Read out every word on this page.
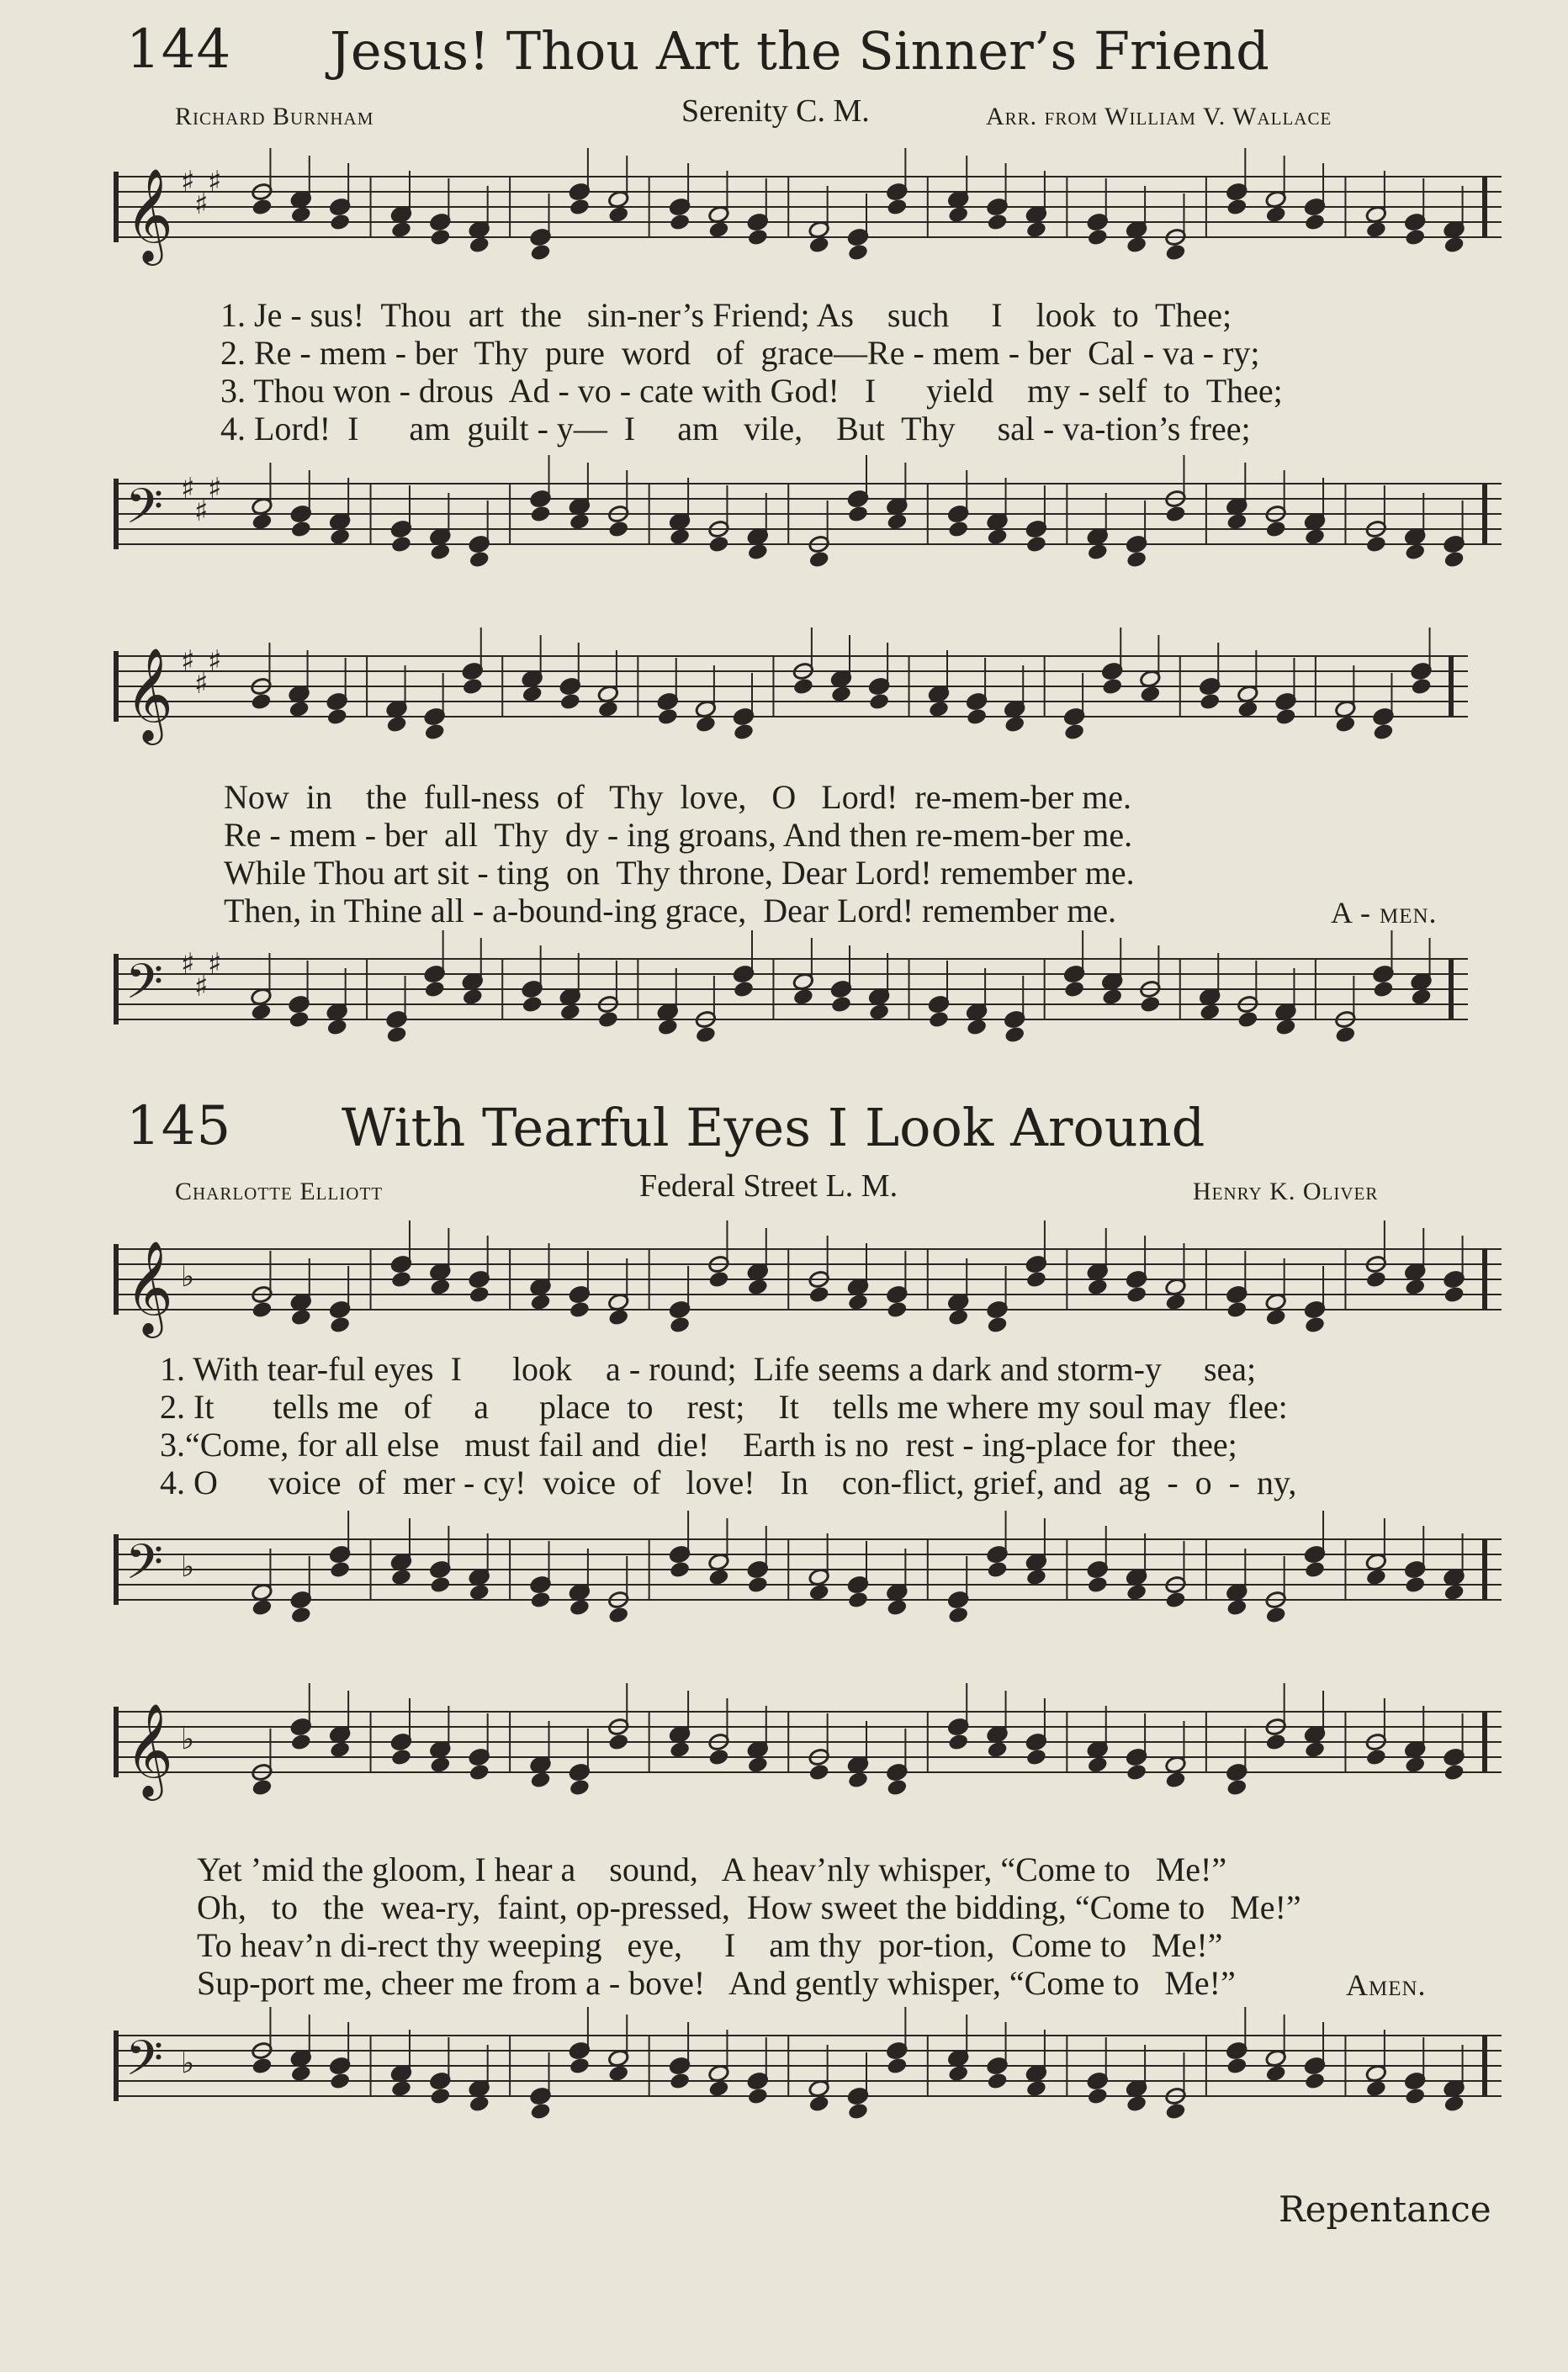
144 Jesus! Thou Art the Sinner’s Friend
Richard Burnham	Serenity C. M.	Arr. from William V. Wallace
𝄞 ♯
♯
♯
1. Je - sus!  Thou  art  the   sin-ner’s Friend; As    such     I    look  to  Thee;
2. Re - mem - ber  Thy  pure  word   of  grace—Re - mem - ber  Cal - va - ry;
3. Thou won - drous  Ad - vo - cate with God!   I      yield    my - self  to  Thee;
4. Lord!  I      am  guilt - y—  I     am   vile,    But  Thy     sal - va-tion’s free;
𝄢 ♯
♯
♯
𝄞 ♯
♯
♯
Now  in    the  full-ness  of   Thy  love,   O   Lord!  re-mem-ber me.
Re - mem - ber  all  Thy  dy - ing groans, And then re-mem-ber me.
While Thou art sit - ting  on  Thy throne, Dear Lord! remember me.
Then, in Thine all - a-bound-ing grace,  Dear Lord! remember me.	A - men.
𝄢 ♯
♯
♯
145 With Tearful Eyes I Look Around
Charlotte Elliott	Federal Street L. M.	Henry K. Oliver
𝄞 ♭
1. With tear-ful eyes  I      look    a - round;  Life seems a dark and storm-y     sea;
2. It       tells me   of     a      place  to    rest;    It    tells me where my soul may  flee:
3.“Come, for all else   must fail and  die!    Earth is no  rest - ing-place for  thee;
4. O      voice  of  mer - cy!  voice  of   love!   In    con-flict, grief, and  ag  -  o  -  ny,
𝄢 ♭
𝄞 ♭
Yet ’mid the gloom, I hear a    sound,   A heav’nly whisper, “Come to   Me!”
Oh,   to   the  wea-ry,  faint, op-pressed,  How sweet the bidding, “Come to   Me!”
To heav’n di-rect thy weeping   eye,     I    am thy  por-tion,  Come to   Me!”
Sup-port me, cheer me from a - bove!   And gently whisper, “Come to   Me!”	Amen.
𝄢 ♭
Repentance
